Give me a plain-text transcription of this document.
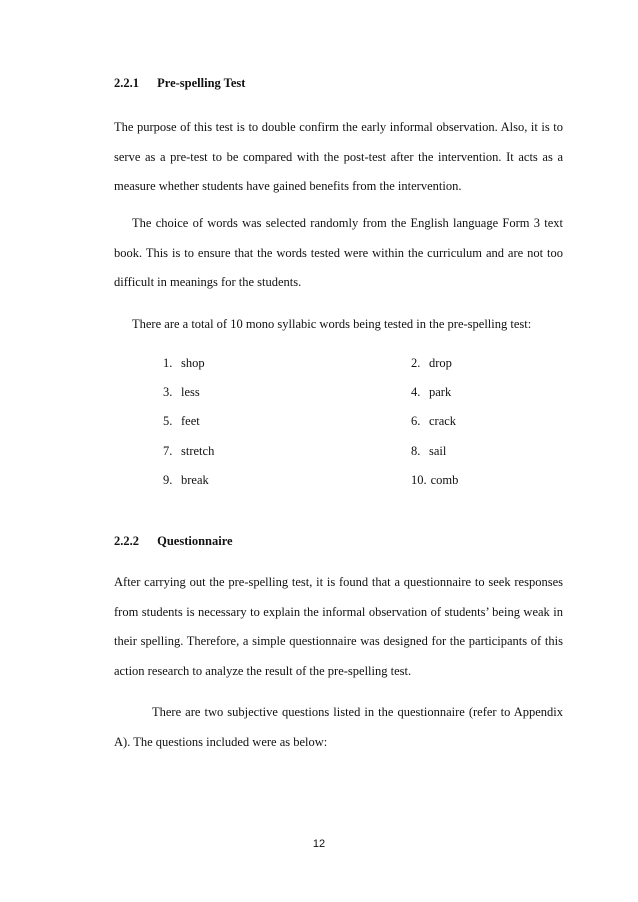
2.2.1 Pre-spelling Test
The purpose of this test is to double confirm the early informal observation. Also, it is to serve as a pre-test to be compared with the post-test after the intervention. It acts as a measure whether students have gained benefits from the intervention.
The choice of words was selected randomly from the English language Form 3 text book. This is to ensure that the words tested were within the curriculum and are not too difficult in meanings for the students.
There are a total of 10 mono syllabic words being tested in the pre-spelling test:
1. shop
3. less
5. feet
7. stretch
9. break
2. drop
4. park
6. crack
8. sail
10. comb
2.2.2 Questionnaire
After carrying out the pre-spelling test, it is found that a questionnaire to seek responses from students is necessary to explain the informal observation of students’ being weak in their spelling. Therefore, a simple questionnaire was designed for the participants of this action research to analyze the result of the pre-spelling test.
There are two subjective questions listed in the questionnaire (refer to Appendix A). The questions included were as below:
12
